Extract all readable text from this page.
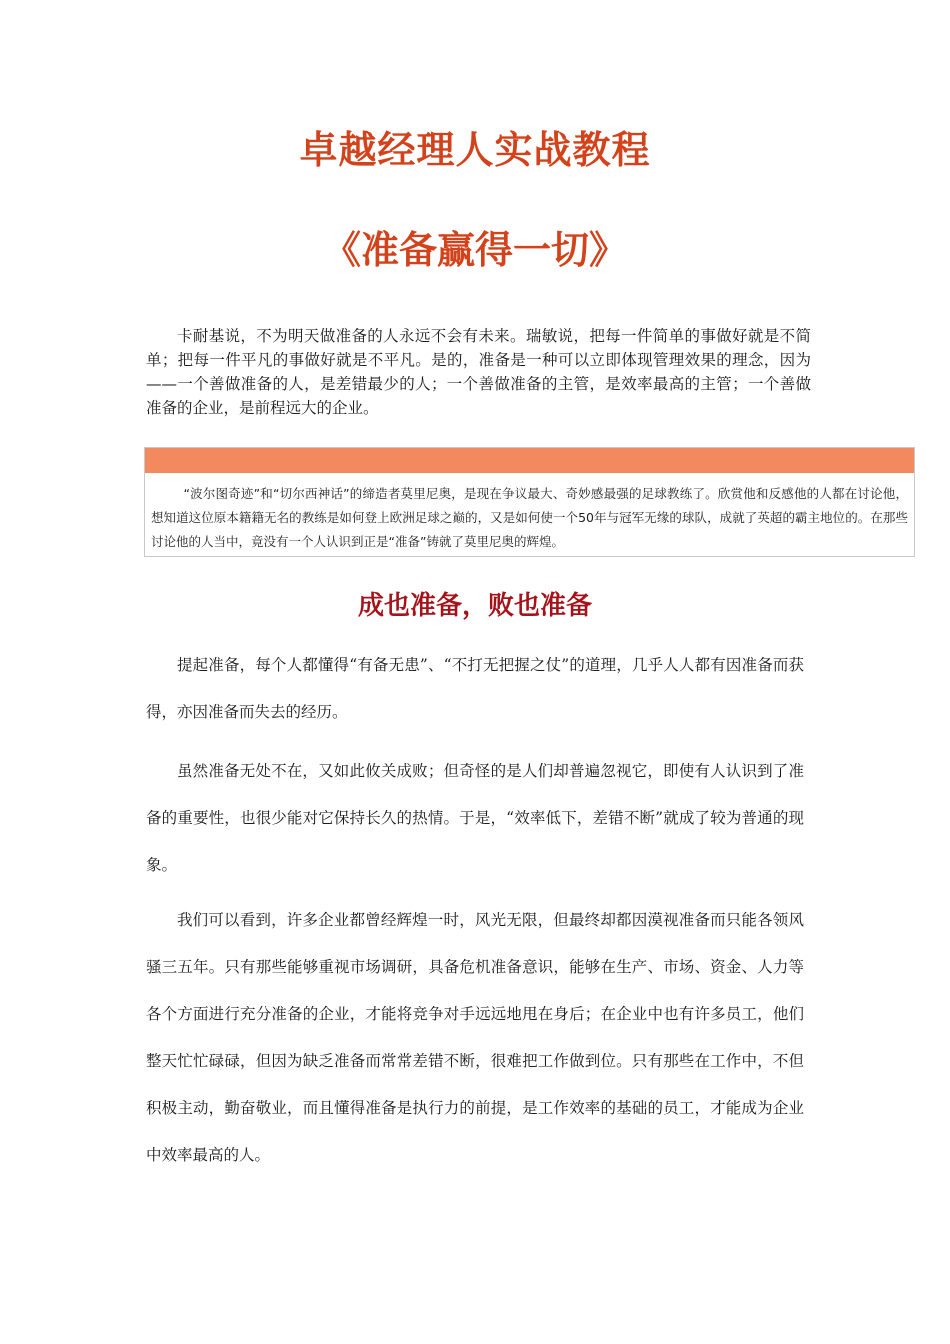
卓越经理人实战教程
《准备赢得一切》

卡耐基说，不为明天做准备的人永远不会有未来。瑞敏说，把每一件简单的事做好就是不简单；把每一件平凡的事做好就是不平凡。是的，准备是一种可以立即体现管理效果的理念，因为——一个善做准备的人，是差错最少的人；一个善做准备的主管，是效率最高的主管；一个善做准备的企业，是前程远大的企业。

“波尔图奇迹”和“切尔西神话”的缔造者莫里尼奥，是现在争议最大、奇妙感最强的足球教练了。欣赏他和反感他的人都在讨论他，想知道这位原本籍籍无名的教练是如何登上欧洲足球之巅的，又是如何使一个50年与冠军无缘的球队，成就了英超的霸主地位的。在那些讨论他的人当中，竟没有一个人认识到正是“准备”铸就了莫里尼奥的辉煌。

成也准备，败也准备

提起准备，每个人都懂得“有备无患”、“不打无把握之仗”的道理，几乎人人都有因准备而获得，亦因准备而失去的经历。

虽然准备无处不在，又如此攸关成败；但奇怪的是人们却普遍忽视它，即使有人认识到了准备的重要性，也很少能对它保持长久的热情。于是，“效率低下，差错不断”就成了较为普通的现象。

我们可以看到，许多企业都曾经辉煌一时，风光无限，但最终却都因漠视准备而只能各领风骚三五年。只有那些能够重视市场调研，具备危机准备意识，能够在生产、市场、资金、人力等各个方面进行充分准备的企业，才能将竞争对手远远地甩在身后；在企业中也有许多员工，他们整天忙忙碌碌，但因为缺乏准备而常常差错不断，很难把工作做到位。只有那些在工作中，不但积极主动，勤奋敬业，而且懂得准备是执行力的前提，是工作效率的基础的员工，才能成为企业中效率最高的人。
